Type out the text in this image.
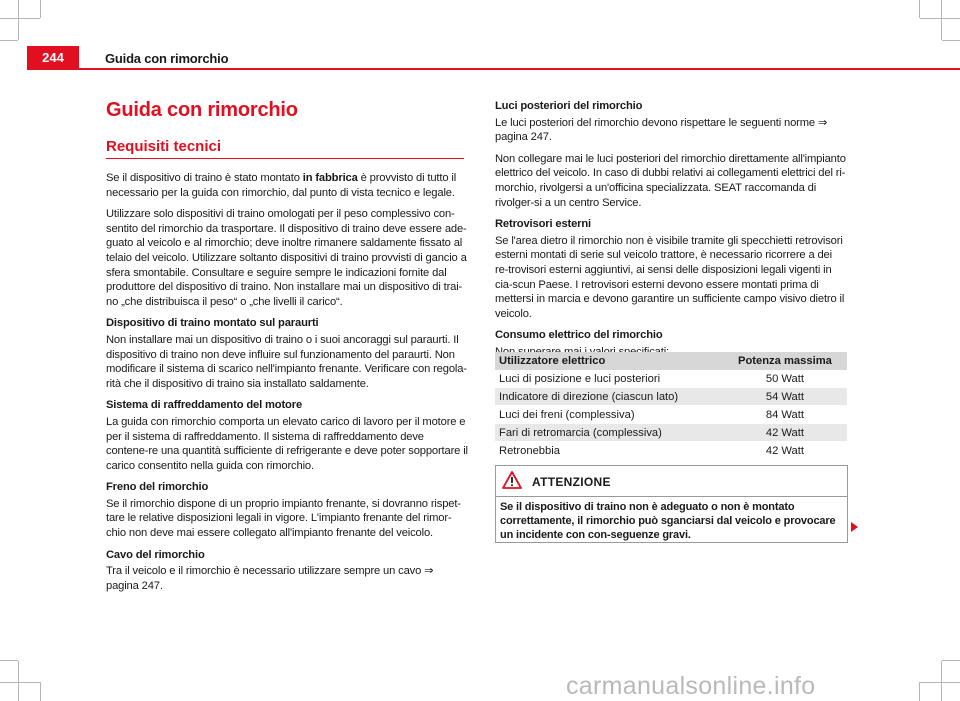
244	Guida con rimorchio
Guida con rimorchio
Requisiti tecnici

Se il dispositivo di traino è stato montato in fabbrica è provvisto di tutto il necessario per la guida con rimorchio, dal punto di vista tecnico e legale.

Utilizzare solo dispositivi di traino omologati per il peso complessivo con-sentito del rimorchio da trasportare. Il dispositivo di traino deve essere ade-guato al veicolo e al rimorchio; deve inoltre rimanere saldamente fissato al telaio del veicolo. Utilizzare soltanto dispositivi di traino provvisti di gancio a sfera smontabile. Consultare e seguire sempre le indicazioni fornite dal produttore del dispositivo di traino. Non installare mai un dispositivo di trai-no „che distribuisca il peso“ o „che livelli il carico“.

Dispositivo di traino montato sul paraurti

Non installare mai un dispositivo di traino o i suoi ancoraggi sul paraurti. Il dispositivo di traino non deve influire sul funzionamento del paraurti. Non modificare il sistema di scarico nell'impianto frenante. Verificare con regola-rità che il dispositivo di traino sia installato saldamente.

Sistema di raffreddamento del motore

La guida con rimorchio comporta un elevato carico di lavoro per il motore e per il sistema di raffreddamento. Il sistema di raffreddamento deve contene-re una quantità sufficiente di refrigerante e deve poter sopportare il carico consentito nella guida con rimorchio.

Freno del rimorchio

Se il rimorchio dispone di un proprio impianto frenante, si dovranno rispet-tare le relative disposizioni legali in vigore. L'impianto frenante del rimor-chio non deve mai essere collegato all'impianto frenante del veicolo.

Cavo del rimorchio

Tra il veicolo e il rimorchio è necessario utilizzare sempre un cavo ⇒ pagina 247.

Luci posteriori del rimorchio

Le luci posteriori del rimorchio devono rispettare le seguenti norme ⇒ pagina 247.

Non collegare mai le luci posteriori del rimorchio direttamente all'impianto elettrico del veicolo. In caso di dubbi relativi ai collegamenti elettrici del ri-morchio, rivolgersi a un'officina specializzata. SEAT raccomanda di rivolger-si a un centro Service.

Retrovisori esterni

Se l'area dietro il rimorchio non è visibile tramite gli specchietti retrovisori esterni montati di serie sul veicolo trattore, è necessario ricorrere a dei re-trovisori esterni aggiuntivi, ai sensi delle disposizioni legali vigenti in cia-scun Paese. I retrovisori esterni devono essere montati prima di mettersi in marcia e devono garantire un sufficiente campo visivo dietro il veicolo.

Consumo elettrico del rimorchio

Utilizzatore elettrico	Potenza massima
Luci di posizione e luci posteriori	50 Watt
Indicatore di direzione (ciascun lato)	54 Watt
Luci dei freni (complessiva)	84 Watt
Fari di retromarcia (complessiva)	42 Watt
Retronebbia	42 Watt
ATTENZIONE
Se il dispositivo di traino non è adeguato o non è montato correttamente, il rimorchio può sganciarsi dal veicolo e provocare un incidente con con-seguenze gravi.
carmanualsonline.info
